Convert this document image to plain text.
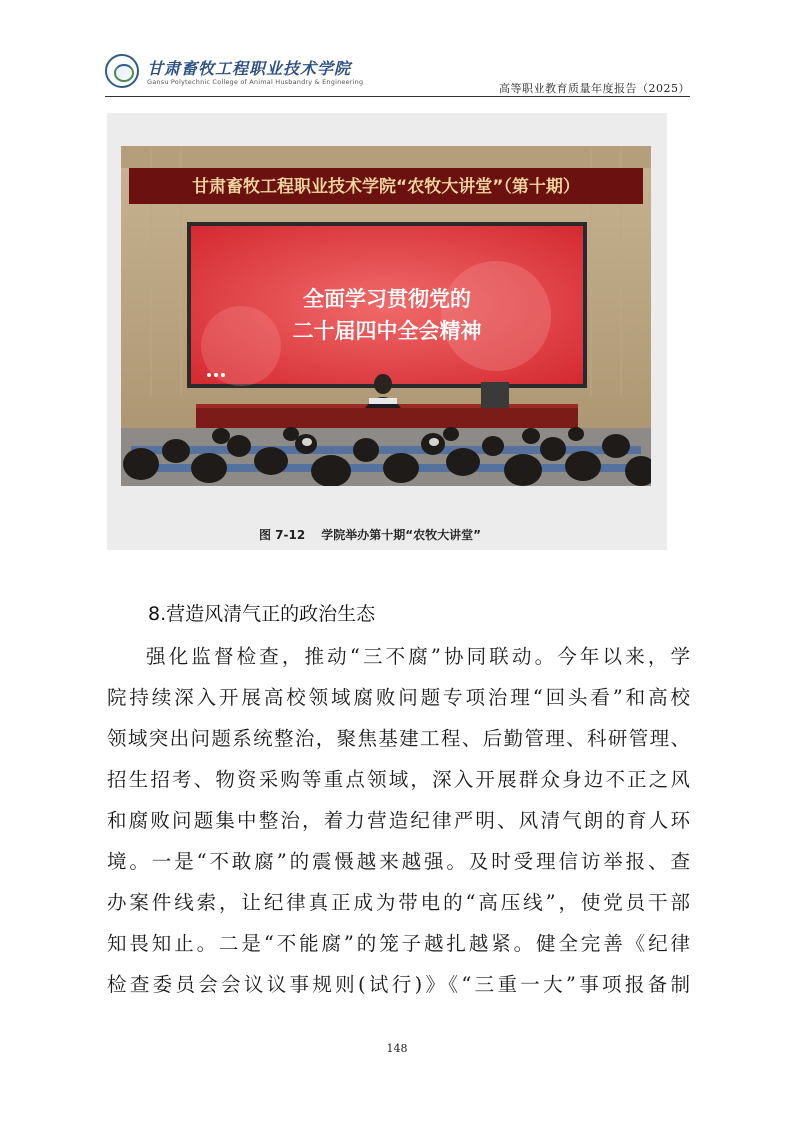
甘肃畜牧工程职业技术学院
Gansu Polytechnic College of Animal Husbandry & Engineering	高等职业教育质量年度报告（2025）
甘肃畜牧工程职业技术学院“农牧大讲堂”（第十期）
全面学习贯彻党的
二十届四中全会精神
图 7-12 学院举办第十期“农牧大讲堂”
8.营造风清气正的政治生态
强化监督检查，推动“三不腐”协同联动。今年以来，学
院持续深入开展高校领域腐败问题专项治理“回头看”和高校
领域突出问题系统整治，聚焦基建工程、后勤管理、科研管理、
招生招考、物资采购等重点领域，深入开展群众身边不正之风
和腐败问题集中整治，着力营造纪律严明、风清气朗的育人环
境。一是“不敢腐”的震慑越来越强。及时受理信访举报、查
办案件线索，让纪律真正成为带电的“高压线”，使党员干部
知畏知止。二是“不能腐”的笼子越扎越紧。健全完善《纪律
检查委员会会议议事规则(试行)》《“三重一大”事项报备制
148
